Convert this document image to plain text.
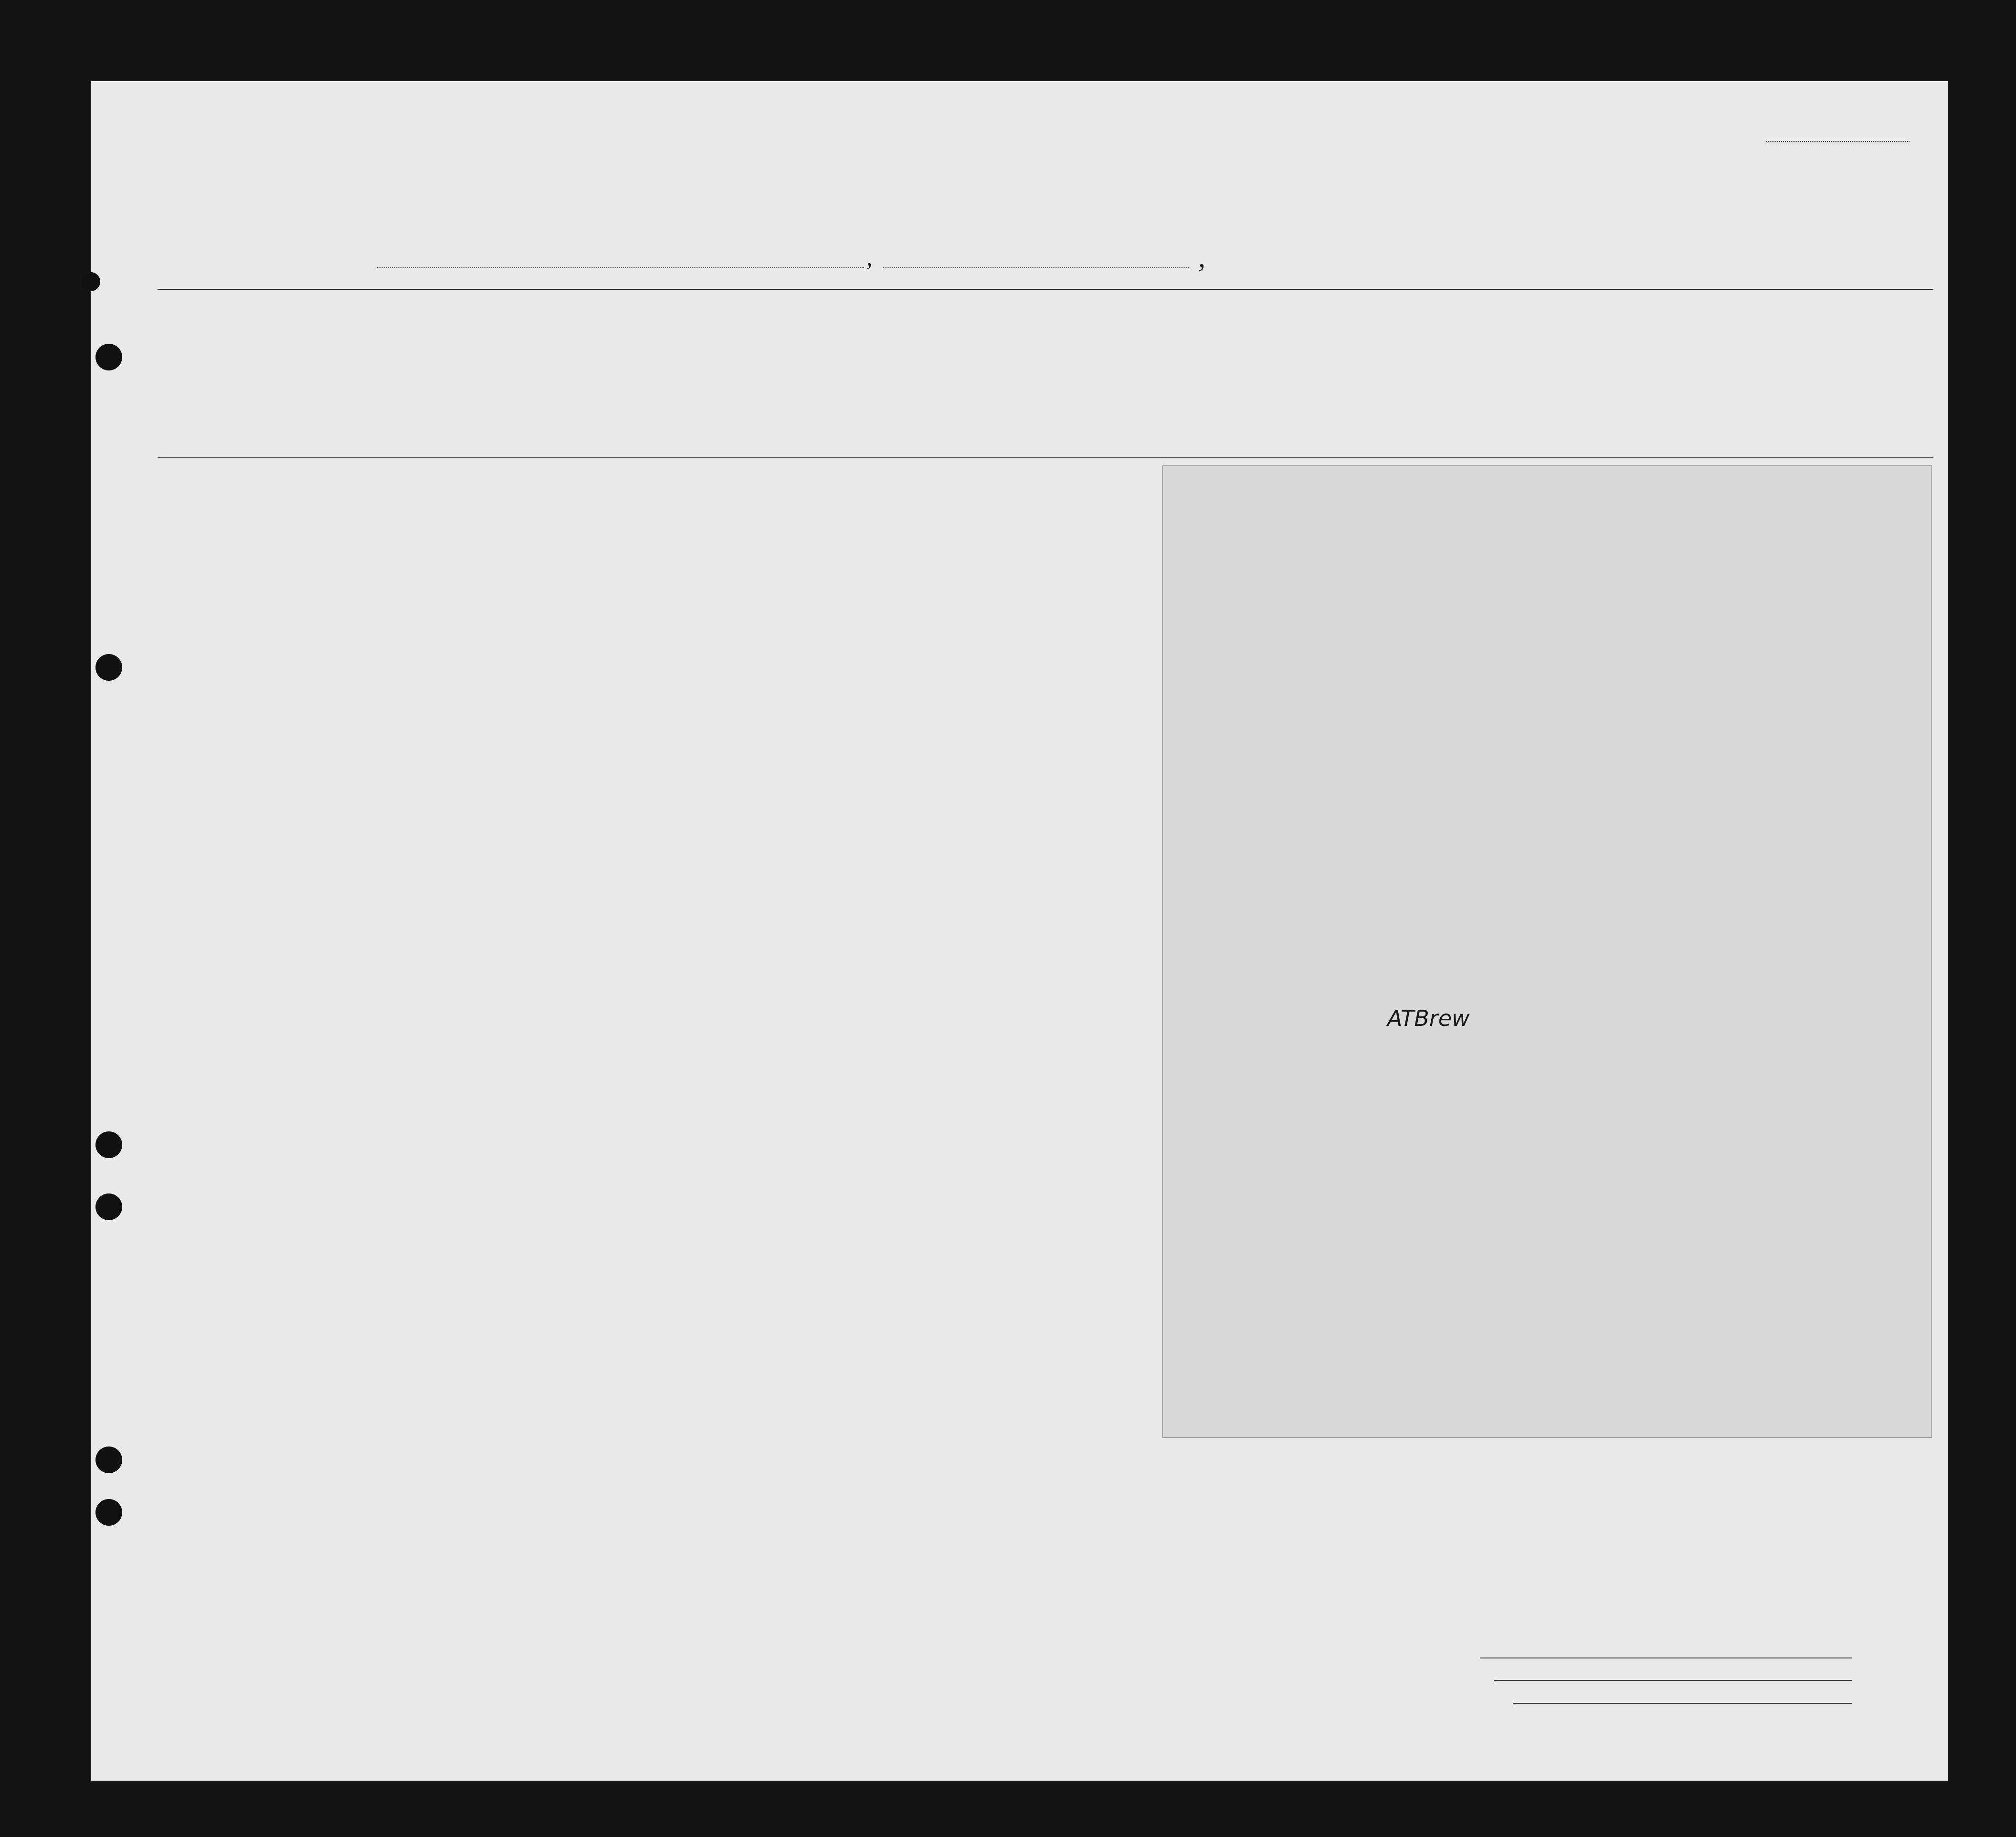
,	,
ATBrew
